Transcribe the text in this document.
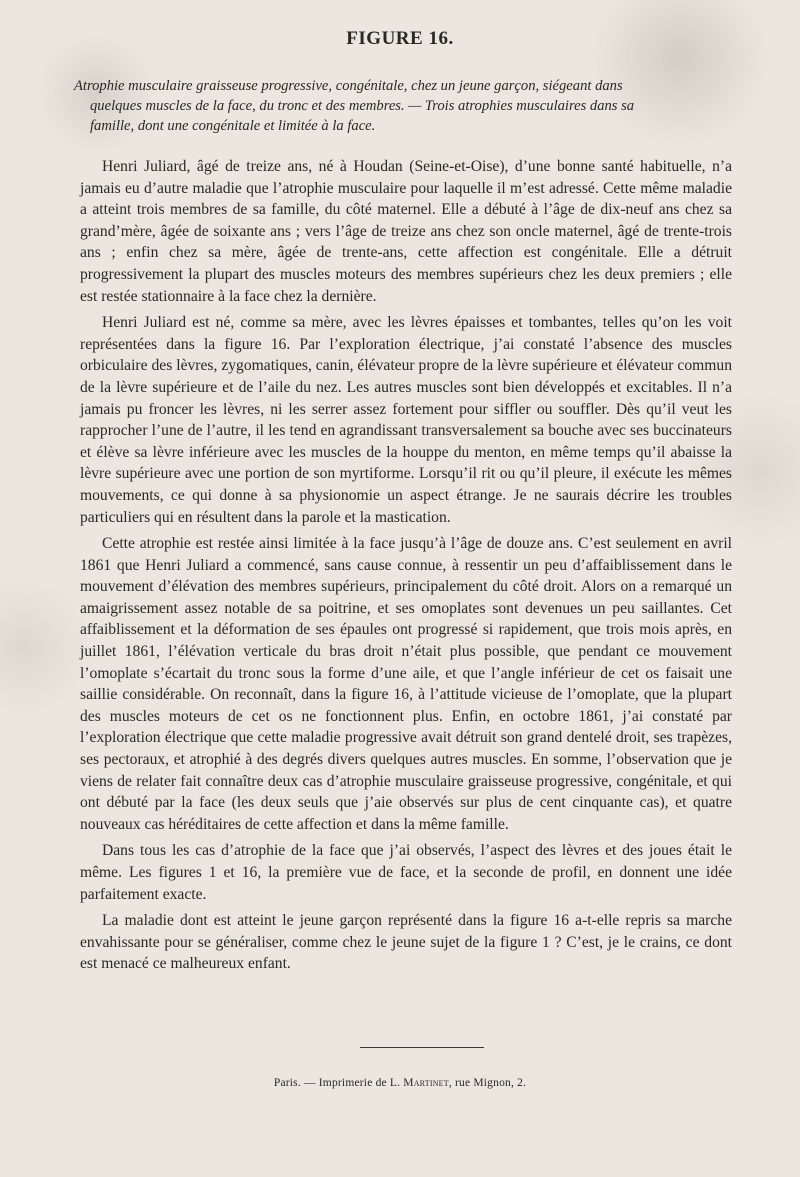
FIGURE 16.
Atrophie musculaire graisseuse progressive, congénitale, chez un jeune garçon, siégeant dans
quelques muscles de la face, du tronc et des membres. — Trois atrophies musculaires dans sa
famille, dont une congénitale et limitée à la face.

Henri Juliard, âgé de treize ans, né à Houdan (Seine-et-Oise), d’une bonne santé habituelle, n’a jamais eu d’autre maladie que l’atrophie musculaire pour laquelle il m’est adressé. Cette même maladie a atteint trois membres de sa famille, du côté maternel. Elle a débuté à l’âge de dix-neuf ans chez sa grand’mère, âgée de soixante ans ; vers l’âge de treize ans chez son oncle maternel, âgé de trente-trois ans ; enfin chez sa mère, âgée de trente-ans, cette affection est congénitale. Elle a détruit progressivement la plupart des muscles moteurs des membres supérieurs chez les deux premiers ; elle est restée stationnaire à la face chez la dernière.

Henri Juliard est né, comme sa mère, avec les lèvres épaisses et tombantes, telles qu’on les voit représentées dans la figure 16. Par l’exploration électrique, j’ai constaté l’absence des muscles orbiculaire des lèvres, zygomatiques, canin, élévateur propre de la lèvre supérieure et élévateur commun de la lèvre supérieure et de l’aile du nez. Les autres muscles sont bien développés et excitables. Il n’a jamais pu froncer les lèvres, ni les serrer assez fortement pour siffler ou souffler. Dès qu’il veut les rapprocher l’une de l’autre, il les tend en agrandissant transversalement sa bouche avec ses buccinateurs et élève sa lèvre inférieure avec les muscles de la houppe du menton, en même temps qu’il abaisse la lèvre supérieure avec une portion de son myrtiforme. Lorsqu’il rit ou qu’il pleure, il exécute les mêmes mouvements, ce qui donne à sa physionomie un aspect étrange. Je ne saurais décrire les troubles particuliers qui en résultent dans la parole et la mastication.

Cette atrophie est restée ainsi limitée à la face jusqu’à l’âge de douze ans. C’est seulement en avril 1861 que Henri Juliard a commencé, sans cause connue, à ressentir un peu d’affaiblissement dans le mouvement d’élévation des membres supérieurs, principalement du côté droit. Alors on a remarqué un amaigrissement assez notable de sa poitrine, et ses omoplates sont devenues un peu saillantes. Cet affaiblissement et la déformation de ses épaules ont progressé si rapidement, que trois mois après, en juillet 1861, l’élévation verticale du bras droit n’était plus possible, que pendant ce mouvement l’omoplate s’écartait du tronc sous la forme d’une aile, et que l’angle inférieur de cet os faisait une saillie considérable. On reconnaît, dans la figure 16, à l’attitude vicieuse de l’omoplate, que la plupart des muscles moteurs de cet os ne fonctionnent plus. Enfin, en octobre 1861, j’ai constaté par l’exploration électrique que cette maladie progressive avait détruit son grand dentelé droit, ses trapèzes, ses pectoraux, et atrophié à des degrés divers quelques autres muscles. En somme, l’observation que je viens de relater fait connaître deux cas d’atrophie musculaire graisseuse progressive, congénitale, et qui ont débuté par la face (les deux seuls que j’aie observés sur plus de cent cinquante cas), et quatre nouveaux cas héréditaires de cette affection et dans la même famille.

Dans tous les cas d’atrophie de la face que j’ai observés, l’aspect des lèvres et des joues était le même. Les figures 1 et 16, la première vue de face, et la seconde de profil, en donnent une idée parfaitement exacte.

La maladie dont est atteint le jeune garçon représenté dans la figure 16 a-t-elle repris sa marche envahissante pour se généraliser, comme chez le jeune sujet de la figure 1 ? C’est, je le crains, ce dont est menacé ce malheureux enfant.

Paris. — Imprimerie de L. Martinet, rue Mignon, 2.
